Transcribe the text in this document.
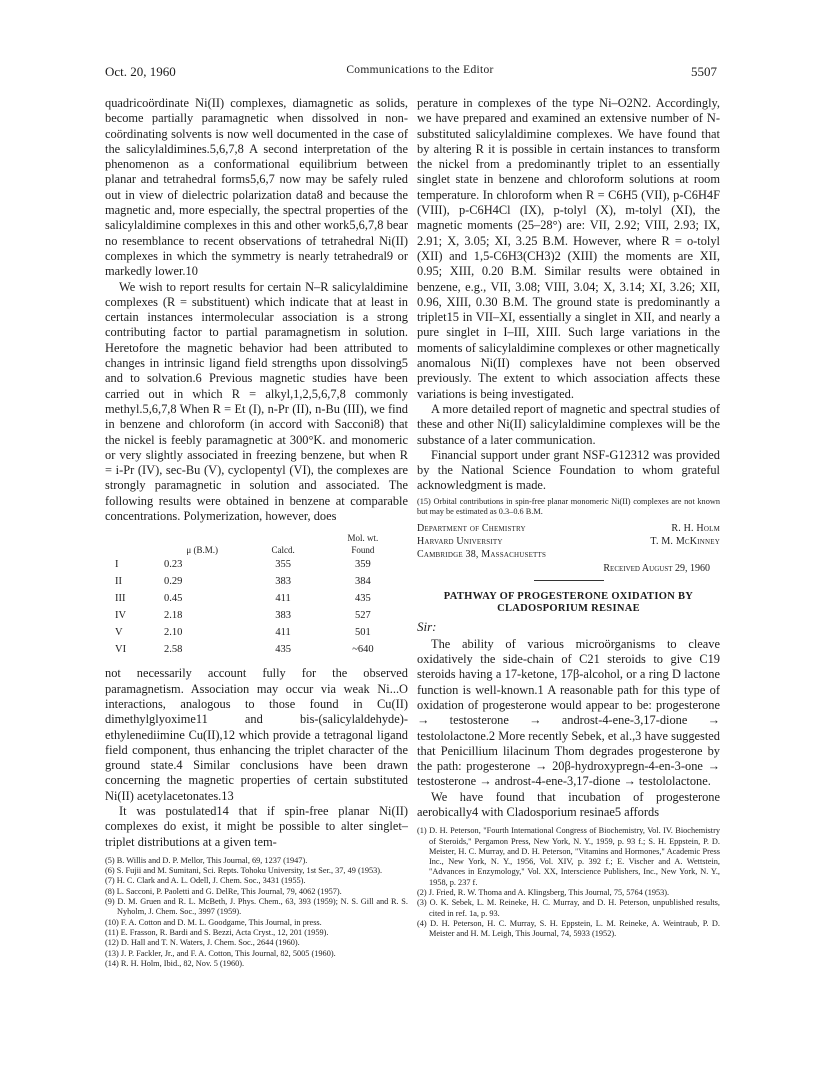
Oct. 20, 1960	Communications to the Editor	5507

quadricoördinate Ni(II) complexes, diamagnetic as solids, become partially paramagnetic when dissolved in non-coördinating solvents is now well documented in the case of the salicylaldimines.5,6,7,8 A second interpretation of the phenomenon as a conformational equilibrium between planar and tetrahedral forms5,6,7 now may be safely ruled out in view of dielectric polarization data8 and because the magnetic and, more especially, the spectral properties of the salicylaldimine complexes in this and other work5,6,7,8 bear no resemblance to recent observations of tetrahedral Ni(II) complexes in which the symmetry is nearly tetrahedral9 or markedly lower.10

We wish to report results for certain N–R salicylaldimine complexes (R = substituent) which indicate that at least in certain instances intermolecular association is a strong contributing factor to partial paramagnetism in solution. Heretofore the magnetic behavior had been attributed to changes in intrinsic ligand field strengths upon dissolving5 and to solvation.6 Previous magnetic studies have been carried out in which R = alkyl,1,2,5,6,7,8 commonly methyl.5,6,7,8 When R = Et (I), n-Pr (II), n-Bu (III), we find in benzene and chloroform (in accord with Sacconi8) that the nickel is feebly paramagnetic at 300°K. and monomeric or very slightly associated in freezing benzene, but when R = i-Pr (IV), sec-Bu (V), cyclopentyl (VI), the complexes are strongly paramagnetic in solution and associated. The following results were obtained in benzene at comparable concentrations. Polymerization, however, does

			Mol. wt.
	μ (B.M.)	Calcd.	Found
I	0.23	355	359
II	0.29	383	384
III	0.45	411	435
IV	2.18	383	527
V	2.10	411	501
VI	2.58	435	~640

not necessarily account fully for the observed paramagnetism. Association may occur via weak Ni...O interactions, analogous to those found in Cu(II) dimethylglyoxime11 and bis-(salicylaldehyde)-ethylenediimine Cu(II),12 which provide a tetragonal ligand field component, thus enhancing the triplet character of the ground state.4 Similar conclusions have been drawn concerning the magnetic properties of certain substituted Ni(II) acetylacetonates.13

It was postulated14 that if spin-free planar Ni(II) complexes do exist, it might be possible to alter singlet–triplet distributions at a given tem-

(5) B. Willis and D. P. Mellor, This Journal, 69, 1237 (1947).
(6) S. Fujii and M. Sumitani, Sci. Repts. Tohoku University, 1st Ser., 37, 49 (1953).
(7) H. C. Clark and A. L. Odell, J. Chem. Soc., 3431 (1955).
(8) L. Sacconi, P. Paoletti and G. DelRe, This Journal, 79, 4062 (1957).
(9) D. M. Gruen and R. L. McBeth, J. Phys. Chem., 63, 393 (1959); N. S. Gill and R. S. Nyholm, J. Chem. Soc., 3997 (1959).
(10) F. A. Cotton and D. M. L. Goodgame, This Journal, in press.
(11) E. Frasson, R. Bardi and S. Bezzi, Acta Cryst., 12, 201 (1959).
(12) D. Hall and T. N. Waters, J. Chem. Soc., 2644 (1960).
(13) J. P. Fackler, Jr., and F. A. Cotton, This Journal, 82, 5005 (1960).
(14) R. H. Holm, Ibid., 82, Nov. 5 (1960).

perature in complexes of the type Ni–O2N2. Accordingly, we have prepared and examined an extensive number of N-substituted salicylaldimine complexes. We have found that by altering R it is possible in certain instances to transform the nickel from a predominantly triplet to an essentially singlet state in benzene and chloroform solutions at room temperature. In chloroform when R = C6H5 (VII), p-C6H4F (VIII), p-C6H4Cl (IX), p-tolyl (X), m-tolyl (XI), the magnetic moments (25–28°) are: VII, 2.92; VIII, 2.93; IX, 2.91; X, 3.05; XI, 3.25 B.M. However, where R = o-tolyl (XII) and 1,5-C6H3(CH3)2 (XIII) the moments are XII, 0.95; XIII, 0.20 B.M. Similar results were obtained in benzene, e.g., VII, 3.08; VIII, 3.04; X, 3.14; XI, 3.26; XII, 0.96, XIII, 0.30 B.M. The ground state is predominantly a triplet15 in VII–XI, essentially a singlet in XII, and nearly a pure singlet in I–III, XIII. Such large variations in the moments of salicylaldimine complexes or other magnetically anomalous Ni(II) complexes have not been observed previously. The extent to which association affects these variations is being investigated.

A more detailed report of magnetic and spectral studies of these and other Ni(II) salicylaldimine complexes will be the substance of a later communication.

Financial support under grant NSF-G12312 was provided by the National Science Foundation to whom grateful acknowledgment is made.

(15) Orbital contributions in spin-free planar monomeric Ni(II) complexes are not known but may be estimated as 0.3–0.6 B.M.
Department of Chemistry	R. H. Holm
Harvard University	T. M. McKinney
Cambridge 38, Massachusetts
Received August 29, 1960
PATHWAY OF PROGESTERONE OXIDATION BY CLADOSPORIUM RESINAE
Sir:

The ability of various microörganisms to cleave oxidatively the side-chain of C21 steroids to give C19 steroids having a 17-ketone, 17β-alcohol, or a ring D lactone function is well-known.1 A reasonable path for this type of oxidation of progesterone would appear to be: progesterone → testosterone → androst-4-ene-3,17-dione → testololactone.2 More recently Sebek, et al.,3 have suggested that Penicillium lilacinum Thom degrades progesterone by the path: progesterone → 20β-hydroxypregn-4-en-3-one → testosterone → androst-4-ene-3,17-dione → testololactone.

We have found that incubation of progesterone aerobically4 with Cladosporium resinae5 affords

(1) D. H. Peterson, "Fourth International Congress of Biochemistry, Vol. IV. Biochemistry of Steroids," Pergamon Press, New York, N. Y., 1959, p. 93 f.; S. H. Eppstein, P. D. Meister, H. C. Murray, and D. H. Peterson, "Vitamins and Hormones," Academic Press Inc., New York, N. Y., 1956, Vol. XIV, p. 392 f.; E. Vischer and A. Wettstein, "Advances in Enzymology," Vol. XX, Interscience Publishers, Inc., New York, N. Y., 1958, p. 237 f.
(2) J. Fried, R. W. Thoma and A. Klingsberg, This Journal, 75, 5764 (1953).
(3) O. K. Sebek, L. M. Reineke, H. C. Murray, and D. H. Peterson, unpublished results, cited in ref. 1a, p. 93.
(4) D. H. Peterson, H. C. Murray, S. H. Eppstein, L. M. Reineke, A. Weintraub, P. D. Meister and H. M. Leigh, This Journal, 74, 5933 (1952).
